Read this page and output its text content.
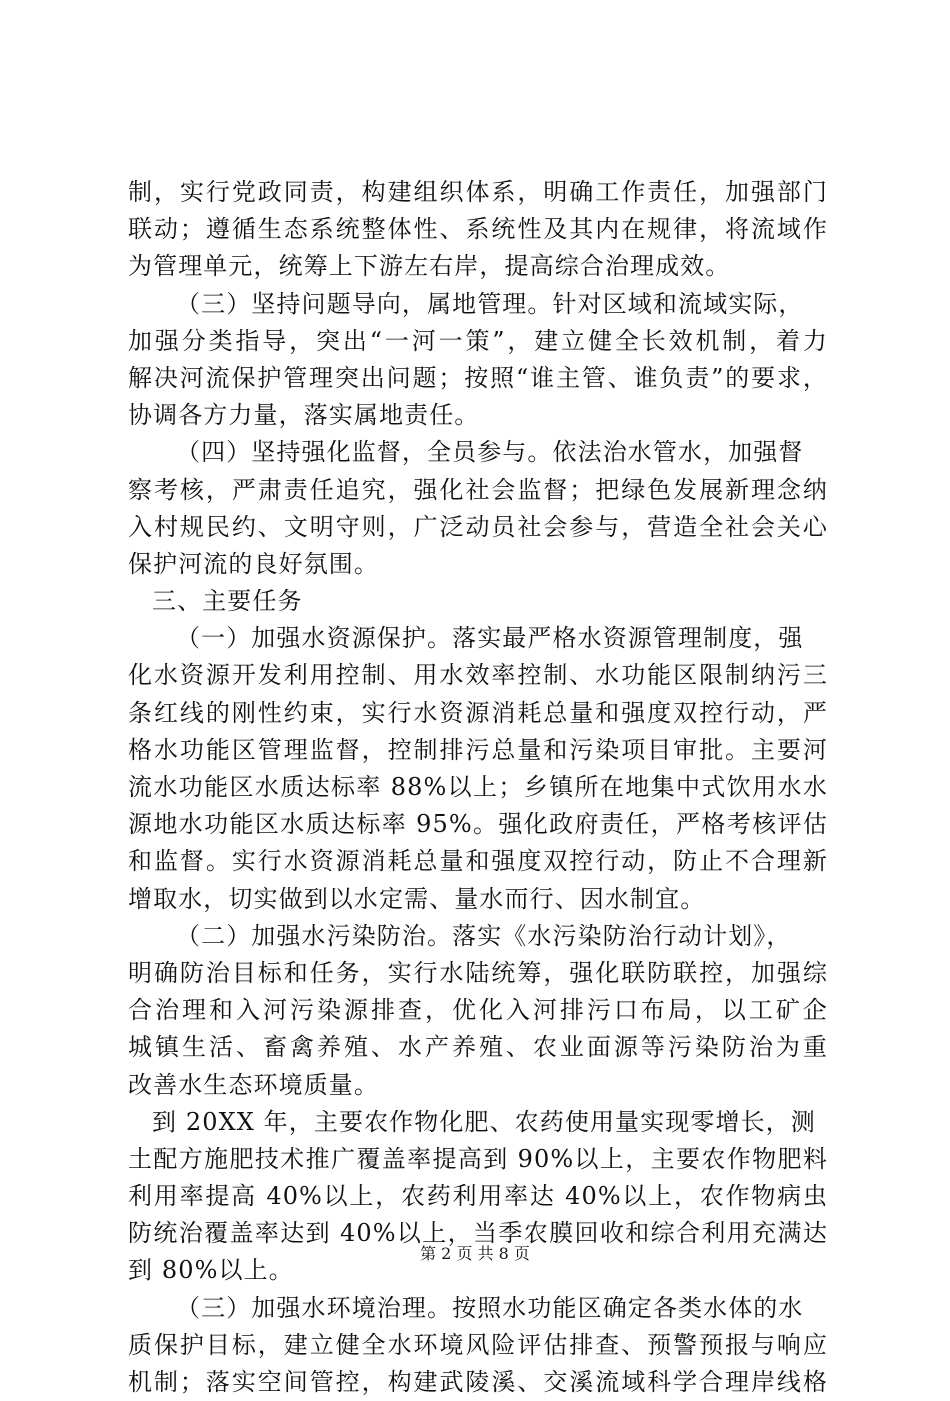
制，实行党政同责，构建组织体系，明确工作责任，加强部门
联动；遵循生态系统整体性、系统性及其内在规律，将流域作
为管理单元，统筹上下游左右岸，提高综合治理成效。
（三）坚持问题导向，属地管理。针对区域和流域实际，
加强分类指导，突出“一河一策”，建立健全长效机制，着力
解决河流保护管理突出问题；按照“谁主管、谁负责”的要求，
协调各方力量，落实属地责任。
（四）坚持强化监督，全员参与。依法治水管水，加强督
察考核，严肃责任追究，强化社会监督；把绿色发展新理念纳
入村规民约、文明守则，广泛动员社会参与，营造全社会关心
保护河流的良好氛围。
三、主要任务
（一）加强水资源保护。落实最严格水资源管理制度，强
化水资源开发利用控制、用水效率控制、水功能区限制纳污三
条红线的刚性约束，实行水资源消耗总量和强度双控行动，严
格水功能区管理监督，控制排污总量和污染项目审批。主要河
流水功能区水质达标率 88%以上；乡镇所在地集中式饮用水水
源地水功能区水质达标率 95%。强化政府责任，严格考核评估
和监督。实行水资源消耗总量和强度双控行动，防止不合理新
增取水，切实做到以水定需、量水而行、因水制宜。
（二）加强水污染防治。落实《水污染防治行动计划》，
明确防治目标和任务，实行水陆统筹，强化联防联控，加强综
合治理和入河污染源排查，优化入河排污口布局，以工矿企
城镇生活、畜禽养殖、水产养殖、农业面源等污染防治为重
改善水生态环境质量。
到 20XX 年，主要农作物化肥、农药使用量实现零增长，测
土配方施肥技术推广覆盖率提高到 90%以上，主要农作物肥料
利用率提高 40%以上，农药利用率达 40%以上，农作物病虫
防统治覆盖率达到 40%以上，当季农膜回收和综合利用充满达
到 80%以上。
（三）加强水环境治理。按照水功能区确定各类水体的水
质保护目标，建立健全水环境风险评估排查、预警预报与响应
机制；落实空间管控，构建武陵溪、交溪流域科学合理岸线格
第 2 页 共 8 页
